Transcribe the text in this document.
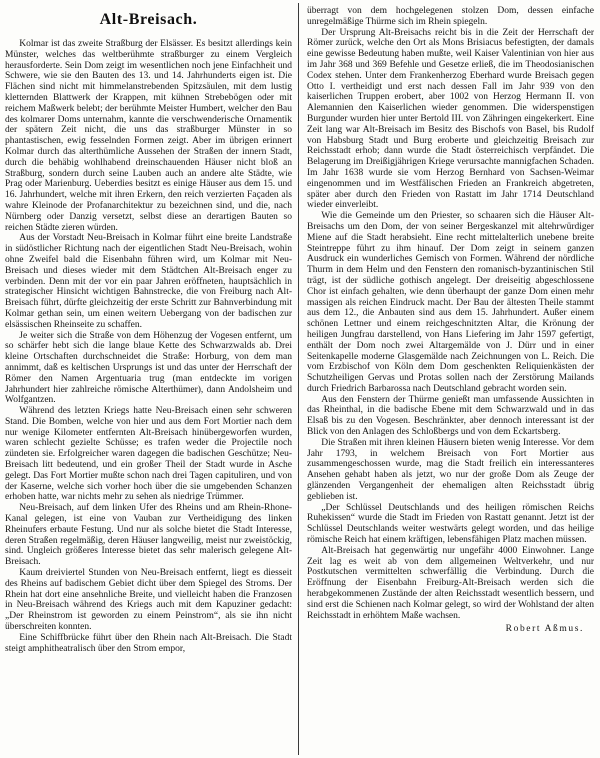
Alt-Breisach.

Kolmar ist das zweite Straßburg der Elsässer. Es besitzt allerdings kein Münster, welches das weltberühmte straßburger zu einem Vergleich herausforderte. Sein Dom zeigt im wesentlichen noch jene Einfachheit und Schwere, wie sie den Bauten des 13. und 14. Jahrhunderts eigen ist. Die Flächen sind nicht mit himmelanstrebenden Spitzsäulen, mit dem lustig kletternden Blattwerk der Krappen, mit kühnen Strebebögen oder mit reichem Maßwerk belebt; der berühmte Meister Humbert, welcher den Bau des kolmarer Doms unternahm, kannte die verschwenderische Ornamentik der spätern Zeit nicht, die uns das straßburger Münster in so phantastischen, ewig fesselnden Formen zeigt. Aber im übrigen erinnert Kolmar durch das alterthümliche Aussehen der Straßen der innern Stadt, durch die behäbig wohlhabend dreinschauenden Häuser nicht bloß an Straßburg, sondern durch seine Lauben auch an andere alte Städte, wie Prag oder Marienburg. Ueberdies besitzt es einige Häuser aus dem 15. und 16. Jahrhundert, welche mit ihren Erkern, den reich verzierten Façaden als wahre Kleinode der Profanarchitektur zu bezeichnen sind, und die, nach Nürnberg oder Danzig versetzt, selbst diese an derartigen Bauten so reichen Städte zieren würden.

Aus der Vorstadt Neu-Breisach in Kolmar führt eine breite Landstraße in südöstlicher Richtung nach der eigentlichen Stadt Neu-Breisach, wohin ohne Zweifel bald die Eisenbahn führen wird, um Kolmar mit Neu-Breisach und dieses wieder mit dem Städtchen Alt-Breisach enger zu verbinden. Denn mit der vor ein paar Jahren eröffneten, hauptsächlich in strategischer Hinsicht wichtigen Bahnstrecke, die von Freiburg nach Alt-Breisach führt, dürfte gleichzeitig der erste Schritt zur Bahnverbindung mit Kolmar gethan sein, um einen weitern Uebergang von der badischen zur elsässischen Rheinseite zu schaffen.

Je weiter sich die Straße von dem Höhenzug der Vogesen entfernt, um so schärfer hebt sich die lange blaue Kette des Schwarzwalds ab. Drei kleine Ortschaften durchschneidet die Straße: Horburg, von dem man annimmt, daß es keltischen Ursprungs ist und das unter der Herrschaft der Römer den Namen Argentuaria trug (man entdeckte im vorigen Jahrhundert hier zahlreiche römische Alterthümer), dann Andolsheim und Wolfgantzen.

Während des letzten Kriegs hatte Neu-Breisach einen sehr schweren Stand. Die Bomben, welche von hier und aus dem Fort Mortier nach dem nur wenige Kilometer entfernten Alt-Breisach hinübergeworfen wurden, waren schlecht gezielte Schüsse; es trafen weder die Projectile noch zündeten sie. Erfolgreicher waren dagegen die badischen Geschütze; Neu-Breisach litt bedeutend, und ein großer Theil der Stadt wurde in Asche gelegt. Das Fort Mortier mußte schon nach drei Tagen capituliren, und von der Kaserne, welche sich vorher hoch über die sie umgebenden Schanzen erhoben hatte, war nichts mehr zu sehen als niedrige Trümmer.

Neu-Breisach, auf dem linken Ufer des Rheins und am Rhein-Rhone-Kanal gelegen, ist eine von Vauban zur Vertheidigung des linken Rheinufers erbaute Festung. Und nur als solche bietet die Stadt Interesse, deren Straßen regelmäßig, deren Häuser langweilig, meist nur zweistöckig, sind. Ungleich größeres Interesse bietet das sehr malerisch gelegene Alt-Breisach.

Kaum dreiviertel Stunden von Neu-Breisach entfernt, liegt es diesseit des Rheins auf badischem Gebiet dicht über dem Spiegel des Stroms. Der Rhein hat dort eine ansehnliche Breite, und vielleicht haben die Franzosen in Neu-Breisach während des Kriegs auch mit dem Kapuziner gedacht: „Der Rheinstrom ist geworden zu einem Peinstrom“, als sie ihn nicht überschreiten konnten.

Eine Schiffbrücke führt über den Rhein nach Alt-Breisach. Die Stadt steigt amphitheatralisch über den Strom empor,

überragt von dem hochgelegenen stolzen Dom, dessen einfache unregelmäßige Thürme sich im Rhein spiegeln.

Der Ursprung Alt-Breisachs reicht bis in die Zeit der Herrschaft der Römer zurück, welche den Ort als Mons Brisiacus befestigten, der damals eine gewisse Bedeutung haben mußte, weil Kaiser Valentinian von hier aus im Jahr 368 und 369 Befehle und Gesetze erließ, die im Theodosianischen Codex stehen. Unter dem Frankenherzog Eberhard wurde Breisach gegen Otto I. vertheidigt und erst nach dessen Fall im Jahr 939 von den kaiserlichen Truppen erobert, aber 1002 von Herzog Hermann II. von Alemannien den Kaiserlichen wieder genommen. Die widerspenstigen Burgunder wurden hier unter Bertold III. von Zähringen eingekerkert. Eine Zeit lang war Alt-Breisach im Besitz des Bischofs von Basel, bis Rudolf von Habsburg Stadt und Burg eroberte und gleichzeitig Breisach zur Reichsstadt erhob; dann wurde die Stadt österreichisch verpfändet. Die Belagerung im Dreißigjährigen Kriege verursachte mannigfachen Schaden. Im Jahr 1638 wurde sie vom Herzog Bernhard von Sachsen-Weimar eingenommen und im Westfälischen Frieden an Frankreich abgetreten, später aber durch den Frieden von Rastatt im Jahr 1714 Deutschland wieder einverleibt.

Wie die Gemeinde um den Priester, so schaaren sich die Häuser Alt-Breisachs um den Dom, der von seiner Bergeskanzel mit altehrwürdiger Miene auf die Stadt herabsieht. Eine recht mittelalterlich unebene breite Steintreppe führt zu ihm hinauf. Der Dom zeigt in seinem ganzen Ausdruck ein wunderliches Gemisch von Formen. Während der nördliche Thurm in dem Helm und den Fenstern den romanisch-byzantinischen Stil trägt, ist der südliche gothisch angelegt. Der dreiseitig abgeschlossene Chor ist einfach gehalten, wie denn überhaupt der ganze Dom einen mehr massigen als reichen Eindruck macht. Der Bau der ältesten Theile stammt aus dem 12., die Anbauten sind aus dem 15. Jahrhundert. Außer einem schönen Lettner und einem reichgeschnitzten Altar, die Krönung der heiligen Jungfrau darstellend, von Hans Liefering im Jahr 1597 gefertigt, enthält der Dom noch zwei Altargemälde von J. Dürr und in einer Seitenkapelle moderne Glasgemälde nach Zeichnungen von L. Reich. Die vom Erzbischof von Köln dem Dom geschenkten Reliquienkästen der Schutzheiligen Gervas und Protas sollen nach der Zerstörung Mailands durch Friedrich Barbarossa nach Deutschland gebracht worden sein.

Aus den Fenstern der Thürme genießt man umfassende Aussichten in das Rheinthal, in die badische Ebene mit dem Schwarzwald und in das Elsaß bis zu den Vogesen. Beschränkter, aber dennoch interessant ist der Blick von den Anlagen des Schloßbergs und von dem Eckartsberg.

Die Straßen mit ihren kleinen Häusern bieten wenig Interesse. Vor dem Jahr 1793, in welchem Breisach von Fort Mortier aus zusammengeschossen wurde, mag die Stadt freilich ein interessanteres Ansehen gehabt haben als jetzt, wo nur der große Dom als Zeuge der glänzenden Vergangenheit der ehemaligen alten Reichsstadt übrig geblieben ist.

„Der Schlüssel Deutschlands und des heiligen römischen Reichs Ruhekissen“ wurde die Stadt im Frieden von Rastatt genannt. Jetzt ist der Schlüssel Deutschlands weiter westwärts gelegt worden, und das heilige römische Reich hat einem kräftigen, lebensfähigen Platz machen müssen.

Alt-Breisach hat gegenwärtig nur ungefähr 4000 Einwohner. Lange Zeit lag es weit ab von dem allgemeinen Weltverkehr, und nur Postkutschen vermittelten schwerfällig die Verbindung. Durch die Eröffnung der Eisenbahn Freiburg-Alt-Breisach werden sich die herabgekommenen Zustände der alten Reichsstadt wesentlich bessern, und sind erst die Schienen nach Kolmar gelegt, so wird der Wohlstand der alten Reichsstadt in erhöhtem Maße wachsen.

Robert Aßmus.
